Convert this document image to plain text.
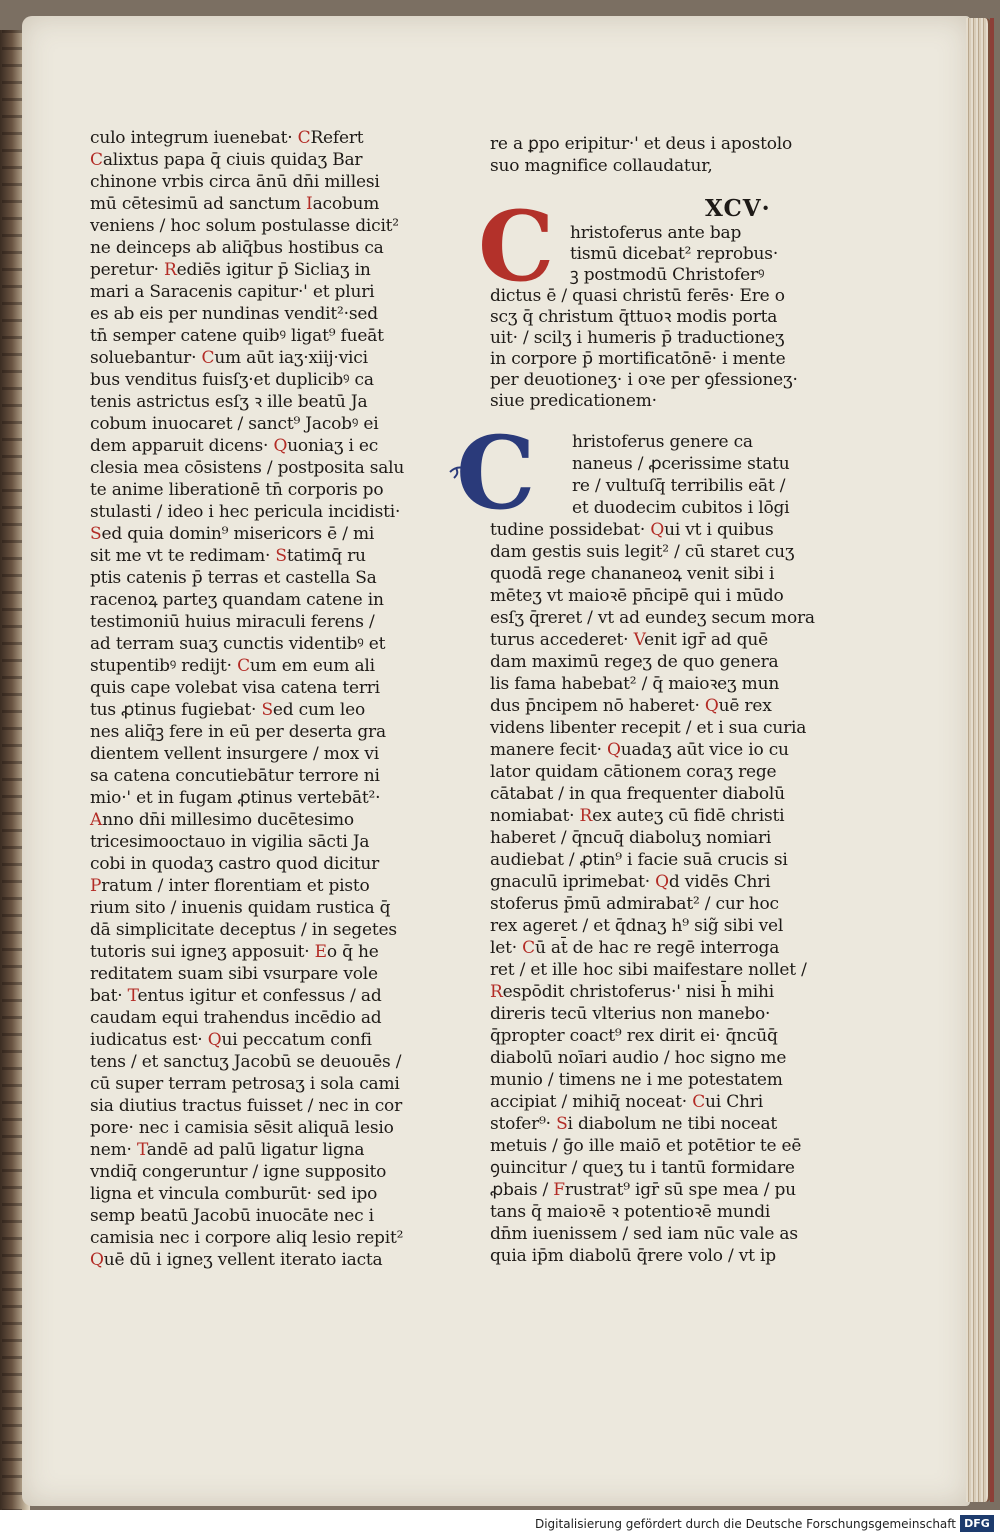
culo integrum iuenebat· CRefert
Calixtus papa q̄ ciuis quidaʒ Bar
chinone vrbis circa ānū dn̄i millesi
mū cētesimū ad sanctum Iacobum
veniens / hoc solum postulasse dicit²
ne deinceps ab aliq̄bus hostibus ca
peretur· Rediēs igitur p̄ Sicliaʒ in
mari a Saracenis capitur·' et pluri
es ab eis per nundinas vendit²·sed
tn̄ semper catene quibꝰ ligat⁹ fueāt
soluebantur· Cum aūt iaʒ·xiij·vici
bus venditus fuisſʒ·et duplicibꝰ ca
tenis astrictus esſʒ ꝛ ille beatū Ja
cobum inuocaret / sanct⁹ Jacobꝰ ei
dem apparuit dicens· Quoniaʒ i ec
clesia mea cōsistens / postposita salu
te anime liberationē tn̄ corporis po
stulasti / ideo i hec pericula incidisti·
Sed quia domin⁹ misericors ē / mi
sit me vt te redimam· Statimq̄ ru
ptis catenis p̄ terras et castella Sa
racenoꝝ parteʒ quandam catene in
testimoniū huius miraculi ferens /
ad terram suaʒ cunctis videntibꝰ et
stupentibꝰ redijt· Cum em eum ali
quis cape volebat visa catena terri
tus ꝓtinus fugiebat· Sed cum leo
nes aliq̄ꝫ fere in eū per deserta gra
dientem vellent insurgere / mox vi
sa catena concutiebātur terrore ni
mio·' et in fugam ꝓtinus vertebāt²·
Anno dn̄i millesimo ducētesimo
tricesimooctauo in vigilia sācti Ja
cobi in quodaʒ castro quod dicitur
Pratum / inter florentiam et pisto
rium sito / inuenis quidam rustica q̄
dā simplicitate deceptus / in segetes
tutoris sui igneʒ apposuit· Eo q̄ he
reditatem suam sibi vsurpare vole
bat· Tentus igitur et confessus / ad
caudam equi trahendus incēdio ad
iudicatus est· Qui peccatum confi
tens / et sanctuʒ Jacobū se deuouēs /
cū super terram petrosaʒ i sola cami
sia diutius tractus fuisset / nec in cor
pore· nec i camisia sēsit aliquā lesio
nem· Tandē ad palū ligatur ligna
vndiq̄ congeruntur / igne supposito
ligna et vincula comburūt· sed ipo
semp beatū Jacobū inuocāte nec i
camisia nec i corpore aliq lesio repit²
Quē dū i igneʒ vellent iterato iacta
re a ꝑpo eripitur·' et deus i apostolo
suo magnifice collaudatur,
XCV·
C hristoferus ante bap
tismū dicebat² reprobus·
ꝫ postmodū Christoferꝰ
dictus ē / quasi christū ferēs· Ere o
scʒ q̄ christum q̄ttuoꝛ modis porta
uit· / scilʒ i humeris p̄ traductioneʒ
in corpore p̄ mortificatōnē· i mente
per deuotioneʒ· i oꝛe per ꝯfessioneʒ·
siue predicationem·
C	hristoferus genere ca
naneus / ꝓcerissime statu
re / vultuſq̄ terribilis eāt /
et duodecim cubitos i lōgi
tudine possidebat· Qui vt i quibus
dam gestis suis legit² / cū staret cuʒ
quodā rege chananeoꝝ venit sibi i
mēteʒ vt maioꝛē pn̄cipē qui i mūdo
esſʒ q̄reret / vt ad eundeʒ secum mora
turus accederet· Venit igr̄ ad quē
dam maximū regeʒ de quo genera
lis fama habebat² / q̄ maioꝛeʒ mun
dus p̄ncipem nō haberet· Quē rex
videns libenter recepit / et i sua curia
manere fecit· Quadaʒ aūt vice io cu
lator quidam cātionem coraʒ rege
cātabat / in qua frequenter diabolū
nomiabat· Rex auteʒ cū fidē christi
haberet / q̄ncuq̄ diaboluʒ nomiari
audiebat / ꝓtin⁹ i facie suā crucis si
gnaculū iprimebat· Qd vidēs Chri
stoferus p̄mū admirabat² / cur hoc
rex ageret / et q̄dnaʒ h⁹ sig̃ sibi vel
let· Cū at̄ de hac re regē interroga
ret / et ille hoc sibi maifestare nollet /
Respōdit christoferus·' nisi h̄ mihi
direris tecū vlterius non manebo·
q̄propter coact⁹ rex dirit ei· q̄ncūq̄
diabolū noīari audio / hoc signo me
munio / timens ne i me potestatem
accipiat / mihiq̄ noceat· Cui Chri
stofer⁹· Si diabolum ne tibi noceat
metuis / ḡo ille maiō et potētior te eē
ꝯuincitur / queʒ tu i tantū formidare
ꝓbais / Frustrat⁹ igr̄ sū spe mea / pu
tans q̄ maioꝛē ꝛ potentioꝛē mundi
dn̄m iuenissem / sed iam nūc vale as
quia ip̄m diabolū q̄rere volo / vt ip
Digitalisierung gefördert durch die Deutsche Forschungsgemeinschaft DFG
